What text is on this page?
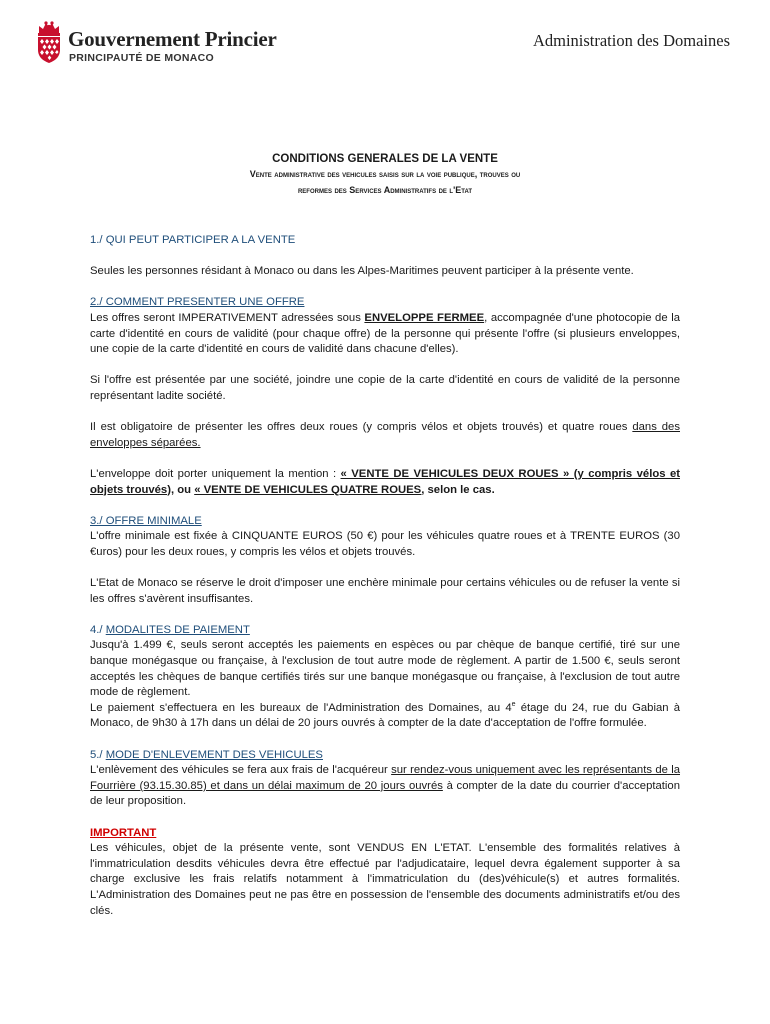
Gouvernement Princier
PRINCIPAUTÉ DE MONACO
Administration des Domaines
CONDITIONS GENERALES DE LA VENTE
Vente administrative des vehicules saisis sur la voie publique, trouves ou
reformes des Services Administratifs de l'Etat

1./ QUI PEUT PARTICIPER A LA VENTE

Seules les personnes résidant à Monaco ou dans les Alpes-Maritimes peuvent participer à la présente vente.

2./ COMMENT PRESENTER UNE OFFRE

Les offres seront IMPERATIVEMENT adressées sous ENVELOPPE FERMEE, accompagnée d'une photocopie de la carte d'identité en cours de validité (pour chaque offre) de la personne qui présente l'offre (si plusieurs enveloppes, une copie de la carte d'identité en cours de validité dans chacune d'elles).

Si l'offre est présentée par une société, joindre une copie de la carte d'identité en cours de validité de la personne représentant ladite société.

Il est obligatoire de présenter les offres deux roues (y compris vélos et objets trouvés) et quatre roues dans des enveloppes séparées.

L'enveloppe doit porter uniquement la mention : « VENTE DE VEHICULES DEUX ROUES » (y compris vélos et objets trouvés), ou « VENTE DE VEHICULES QUATRE ROUES, selon le cas.

3./ OFFRE MINIMALE

L'offre minimale est fixée à CINQUANTE EUROS (50 €) pour les véhicules quatre roues et à TRENTE EUROS (30 €uros) pour les deux roues, y compris les vélos et objets trouvés.

L'Etat de Monaco se réserve le droit d'imposer une enchère minimale pour certains véhicules ou de refuser la vente si les offres s'avèrent insuffisantes.

4./ MODALITES DE PAIEMENT

Jusqu'à 1.499 €, seuls seront acceptés les paiements en espèces ou par chèque de banque certifié, tiré sur une banque monégasque ou française, à l'exclusion de tout autre mode de règlement. A partir de 1.500 €, seuls seront acceptés les chèques de banque certifiés tirés sur une banque monégasque ou française, à l'exclusion de tout autre mode de règlement.

Le paiement s'effectuera en les bureaux de l'Administration des Domaines, au 4e étage du 24, rue du Gabian à Monaco, de 9h30 à 17h dans un délai de 20 jours ouvrés à compter de la date d'acceptation de l'offre formulée.

5./ MODE D'ENLEVEMENT DES VEHICULES

L'enlèvement des véhicules se fera aux frais de l'acquéreur sur rendez-vous uniquement avec les représentants de la Fourrière (93.15.30.85) et dans un délai maximum de 20 jours ouvrés à compter de la date du courrier d'acceptation de leur proposition.

IMPORTANT

Les véhicules, objet de la présente vente, sont VENDUS EN L'ETAT. L'ensemble des formalités relatives à l'immatriculation desdits véhicules devra être effectué par l'adjudicataire, lequel devra également supporter à sa charge exclusive les frais relatifs notamment à l'immatriculation du (des)véhicule(s) et autres formalités. L'Administration des Domaines peut ne pas être en possession de l'ensemble des documents administratifs et/ou des clés.
